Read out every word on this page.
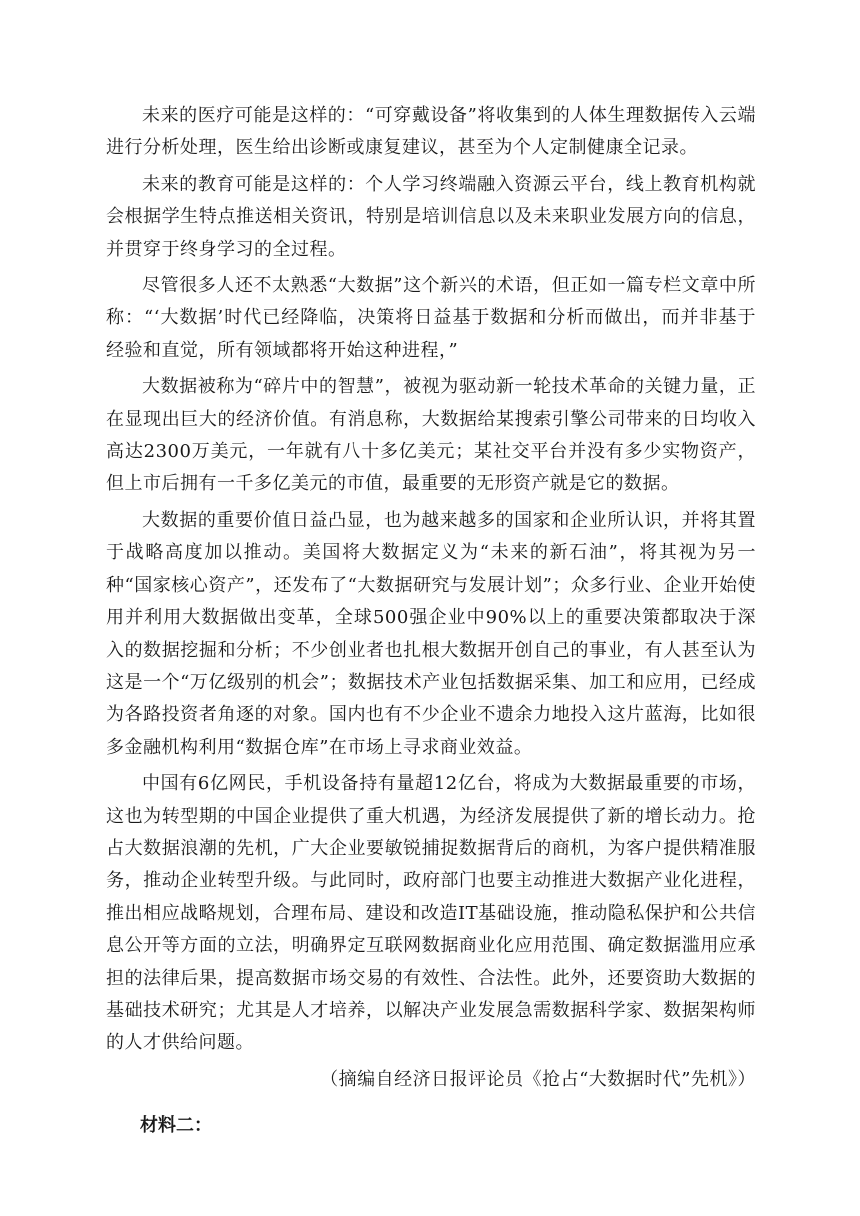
未来的医疗可能是这样的：“可穿戴设备”将收集到的人体生理数据传入云端进行分析处理，医生给出诊断或康复建议，甚至为个人定制健康全记录。

未来的教育可能是这样的：个人学习终端融入资源云平台，线上教育机构就会根据学生特点推送相关资讯，特别是培训信息以及未来职业发展方向的信息，并贯穿于终身学习的全过程。

尽管很多人还不太熟悉“大数据”这个新兴的术语，但正如一篇专栏文章中所称：“‘大数据’时代已经降临，决策将日益基于数据和分析而做出，而并非基于经验和直觉，所有领域都将开始这种进程，”

大数据被称为“碎片中的智慧”，被视为驱动新一轮技术革命的关键力量，正在显现出巨大的经济价值。有消息称，大数据给某搜索引擎公司带来的日均收入高达2300万美元，一年就有八十多亿美元；某社交平台并没有多少实物资产，但上市后拥有一千多亿美元的市值，最重要的无形资产就是它的数据。

大数据的重要价值日益凸显，也为越来越多的国家和企业所认识，并将其置于战略高度加以推动。美国将大数据定义为“未来的新石油”，将其视为另一种“国家核心资产”，还发布了“大数据研究与发展计划”；众多行业、企业开始使用并利用大数据做出变革，全球500强企业中90%以上的重要决策都取决于深入的数据挖掘和分析；不少创业者也扎根大数据开创自己的事业，有人甚至认为这是一个“万亿级别的机会”；数据技术产业包括数据采集、加工和应用，已经成为各路投资者角逐的对象。国内也有不少企业不遗余力地投入这片蓝海，比如很多金融机构利用“数据仓库”在市场上寻求商业效益。

中国有6亿网民，手机设备持有量超12亿台，将成为大数据最重要的市场，这也为转型期的中国企业提供了重大机遇，为经济发展提供了新的增长动力。抢占大数据浪潮的先机，广大企业要敏锐捕捉数据背后的商机，为客户提供精准服务，推动企业转型升级。与此同时，政府部门也要主动推进大数据产业化进程，推出相应战略规划，合理布局、建设和改造IT基础设施，推动隐私保护和公共信息公开等方面的立法，明确界定互联网数据商业化应用范围、确定数据滥用应承担的法律后果，提高数据市场交易的有效性、合法性。此外，还要资助大数据的基础技术研究；尤其是人才培养，以解决产业发展急需数据科学家、数据架构师的人才供给问题。

（摘编自经济日报评论员《抢占“大数据时代”先机》）

材料二：
